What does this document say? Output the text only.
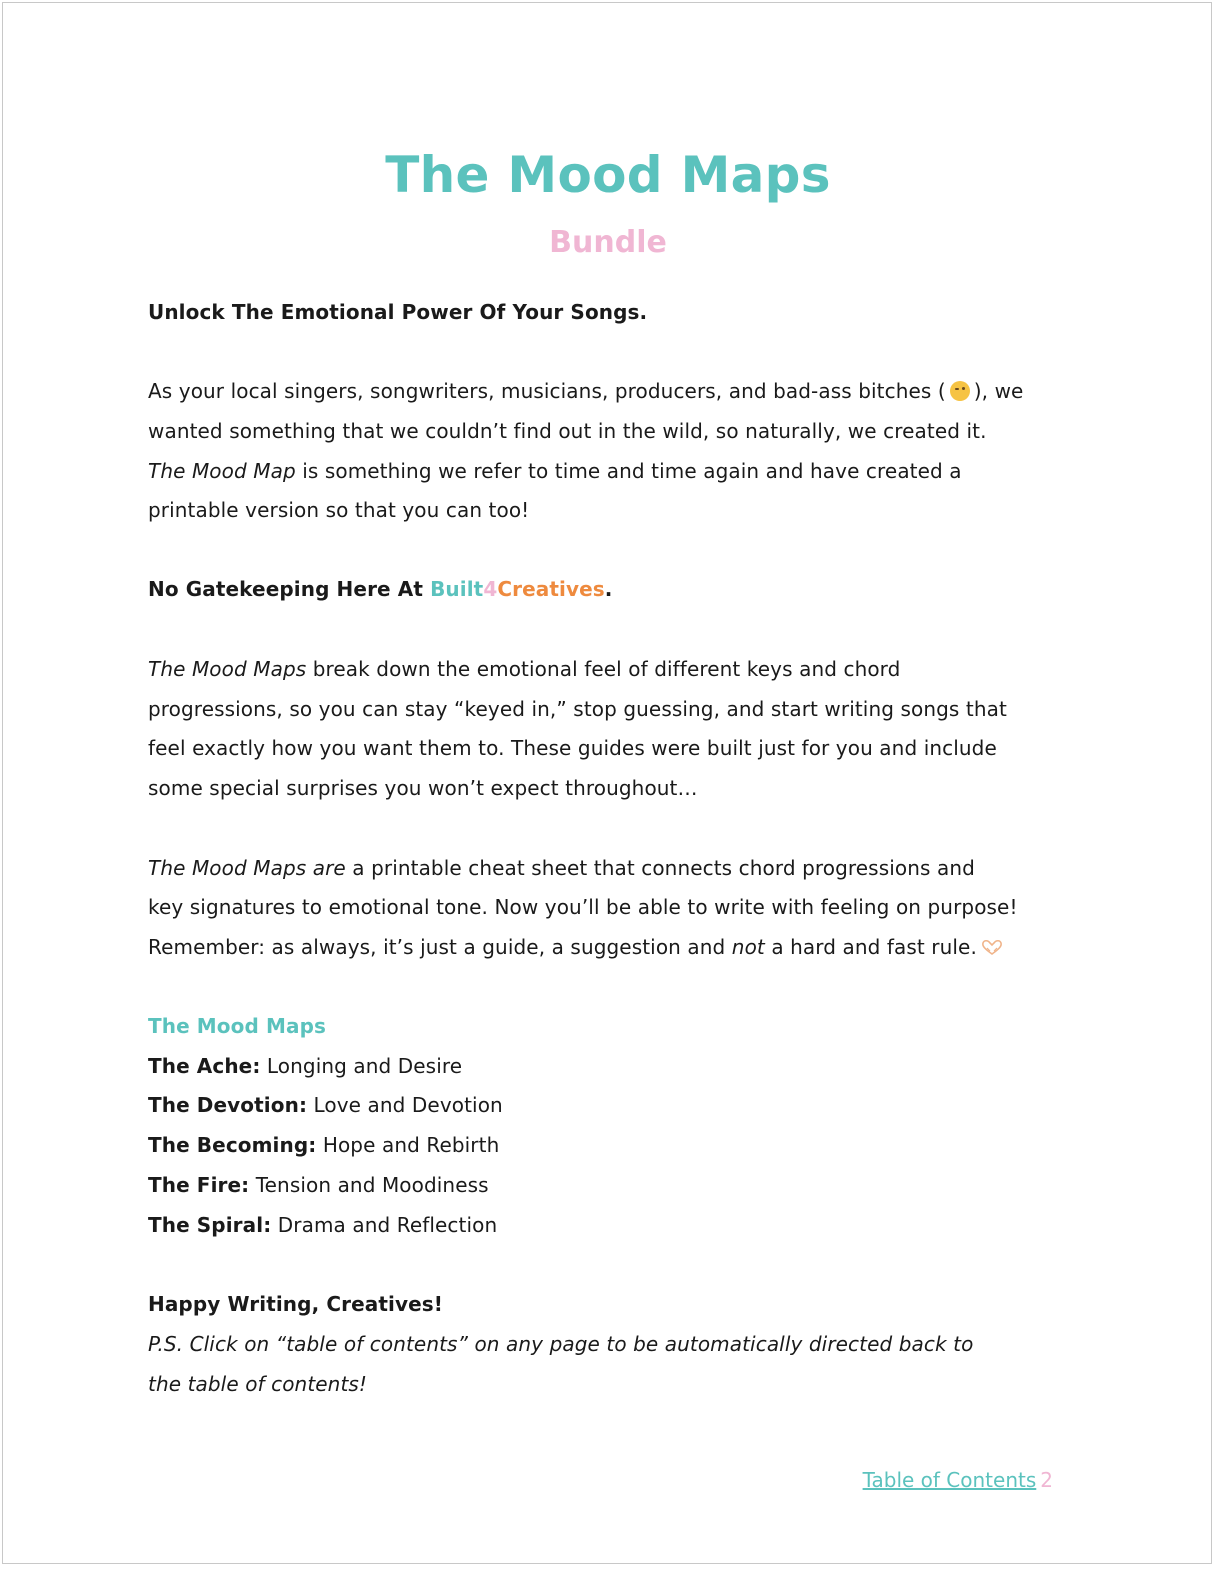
The Mood Maps
Bundle
Unlock The Emotional Power Of Your Songs.
As your local singers, songwriters, musicians, producers, and bad-ass bitches ( ), we
wanted something that we couldn’t find out in the wild, so naturally, we created it.
The Mood Map is something we refer to time and time again and have created a
printable version so that you can too!
No Gatekeeping Here At Built4Creatives.
The Mood Maps break down the emotional feel of different keys and chord
progressions, so you can stay “keyed in,” stop guessing, and start writing songs that
feel exactly how you want them to. These guides were built just for you and include
some special surprises you won’t expect throughout…
The Mood Maps are a printable cheat sheet that connects chord progressions and
key signatures to emotional tone. Now you’ll be able to write with feeling on purpose!
Remember: as always, it’s just a guide, a suggestion and not a hard and fast rule.
The Mood Maps
The Ache: Longing and Desire
The Devotion: Love and Devotion
The Becoming: Hope and Rebirth
The Fire: Tension and Moodiness
The Spiral: Drama and Reflection
Happy Writing, Creatives!
P.S. Click on “table of contents” on any page to be automatically directed back to
the table of contents!
Table of Contents 2
